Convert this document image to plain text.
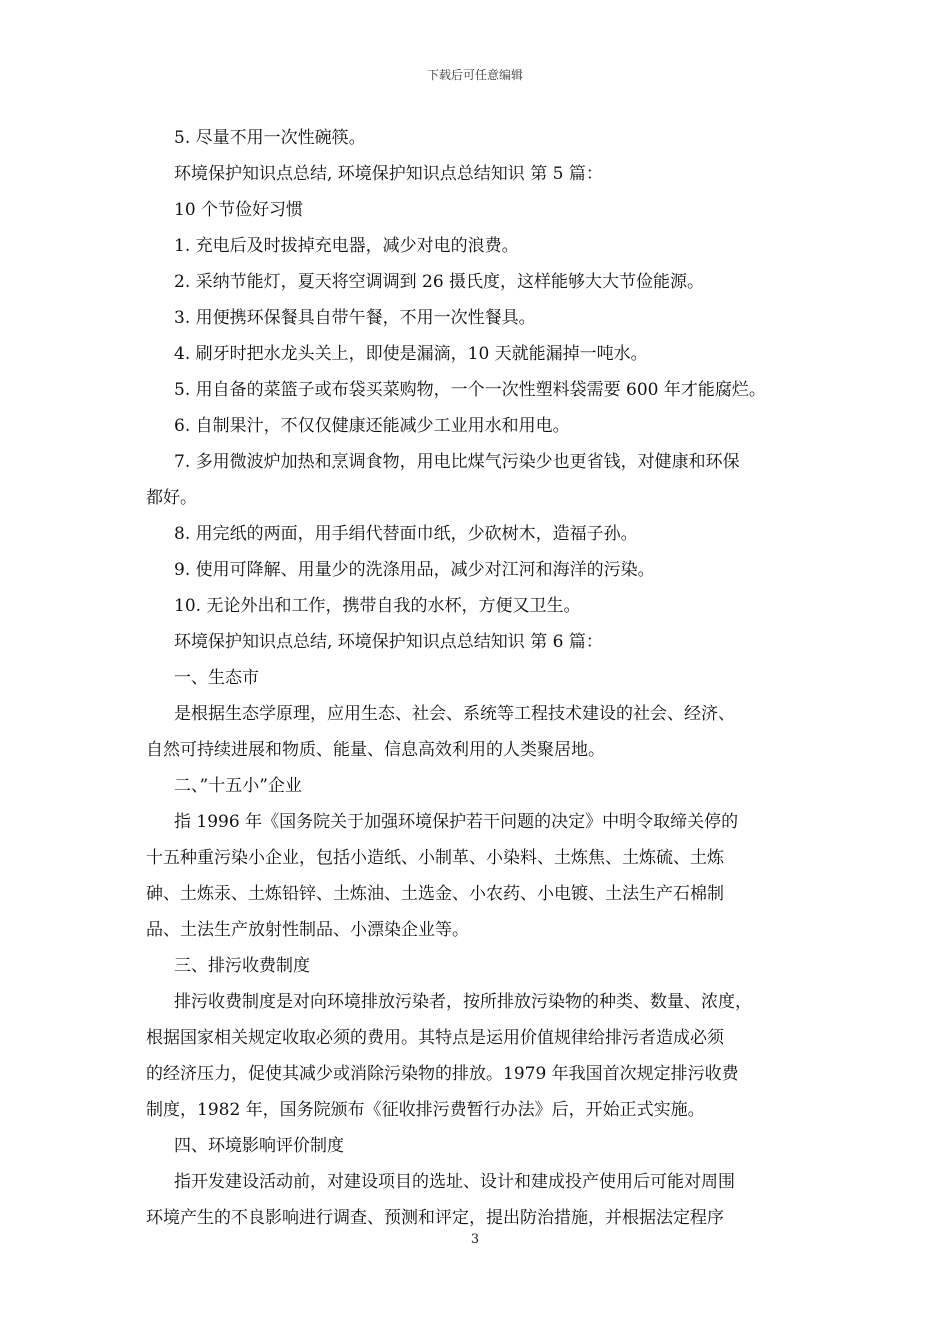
下载后可任意编辑

5. 尽量不用一次性碗筷。

环境保护知识点总结, 环境保护知识点总结知识 第 5 篇：

10 个节俭好习惯

1. 充电后及时拔掉充电器，减少对电的浪费。

2. 采纳节能灯，夏天将空调调到 26 摄氏度，这样能够大大节俭能源。

3. 用便携环保餐具自带午餐，不用一次性餐具。

4. 刷牙时把水龙头关上，即使是漏滴，10 天就能漏掉一吨水。

5. 用自备的菜篮子或布袋买菜购物，一个一次性塑料袋需要 600 年才能腐烂。

6. 自制果汁，不仅仅健康还能减少工业用水和用电。

7. 多用微波炉加热和烹调食物，用电比煤气污染少也更省钱，对健康和环保

都好。

8. 用完纸的两面，用手绢代替面巾纸，少砍树木，造福子孙。

9. 使用可降解、用量少的洗涤用品，减少对江河和海洋的污染。

10. 无论外出和工作，携带自我的水杯，方便又卫生。

环境保护知识点总结, 环境保护知识点总结知识 第 6 篇：

一、生态市

是根据生态学原理，应用生态、社会、系统等工程技术建设的社会、经济、

自然可持续进展和物质、能量、信息高效利用的人类聚居地。

二、”十五小”企业

指 1996 年《国务院关于加强环境保护若干问题的决定》中明令取缔关停的

十五种重污染小企业，包括小造纸、小制革、小染料、土炼焦、土炼硫、土炼

砷、土炼汞、土炼铅锌、土炼油、土选金、小农药、小电镀、土法生产石棉制

品、土法生产放射性制品、小漂染企业等。

三、排污收费制度

排污收费制度是对向环境排放污染者，按所排放污染物的种类、数量、浓度，

根据国家相关规定收取必须的费用。其特点是运用价值规律给排污者造成必须

的经济压力，促使其减少或消除污染物的排放。1979 年我国首次规定排污收费

制度，1982 年，国务院颁布《征收排污费暂行办法》后，开始正式实施。

四、环境影响评价制度

指开发建设活动前，对建设项目的选址、设计和建成投产使用后可能对周围

环境产生的不良影响进行调查、预测和评定，提出防治措施，并根据法定程序

3
